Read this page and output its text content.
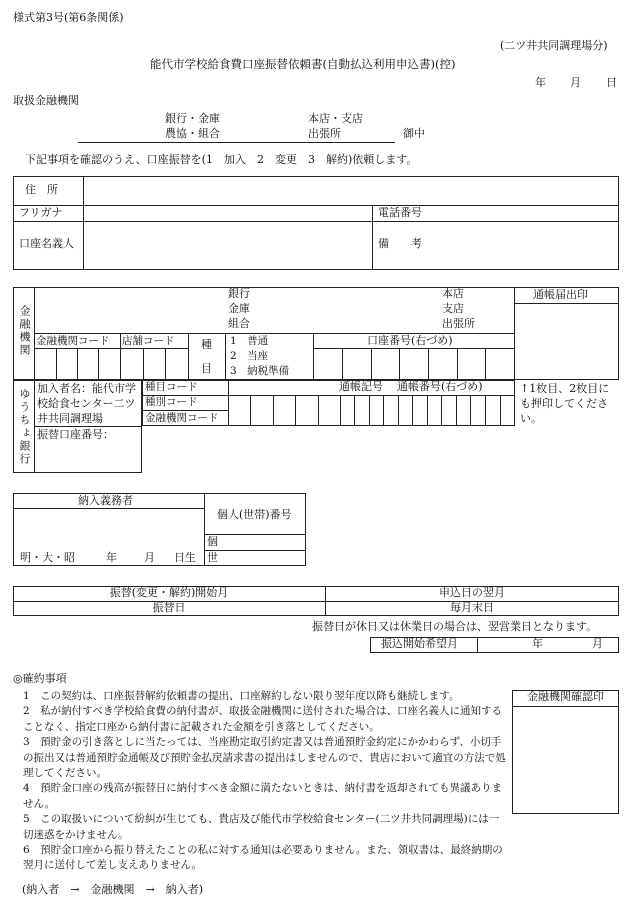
様式第3号(第6条関係)
(二ツ井共同調理場分)
能代市学校給食費口座振替依頼書(自動払込利用申込書)(控)
年 月 日
取扱金融機関
銀行・金庫
農協・組合
本店・支店
出張所	御中
下記事項を確認のうえ、口座振替を(1　加入　2　変更　3　解約)依頼します。
住　所
フリガナ	電話番号
口座名義人	備　　考
金融機関
銀行
金庫
組合
本店
支店
出張所
通帳届出印
金融機関コード 店舗コード 種
目
1　普通
2　当座
3　納税準備
口座番号(右づめ)
ゆうちょ銀行 加入者名：能代市学校給食センター二ツ井共同調理場
振替口座番号：
種目コード
種別コード
金融機関コード
通帳記号 通帳番号(右づめ)	↑1枚目、2枚目にも押印してください。
納入義務者
個人(世帯)番号
個
世
明・大・昭	年 月 日生
振替(変更・解約)開始月	申込日の翌月
振替日	毎月末日
振替日が休日又は休業日の場合は、翌営業日となります。
振込開始希望月	年	月
◎確約事項

1　この契約は、口座振替解約依頼書の提出、口座解約しない限り翌年度以降も継続します。

2　私が納付すべき学校給食費の納付書が、取扱金融機関に送付された場合は、口座名義人に通知することなく、指定口座から納付書に記載された金額を引き落としてください。

3　預貯金の引き落としに当たっては、当座勘定取引約定書又は普通預貯金約定にかかわらず、小切手の振出又は普通預貯金通帳及び預貯金払戻請求書の提出はしませんので、貴店において適宜の方法で処理してください。

4　預貯金口座の残高が振替日に納付すべき金額に満たないときは、納付書を返却されても異議ありません。

5　この取扱いについて紛糾が生じても、貴店及び能代市学校給食センター(二ツ井共同調理場)には一切迷惑をかけません。

6　預貯金口座から振り替えたことの私に対する通知は必要ありません。また、領収書は、最終納期の翌月に送付して差し支えありません。

金融機関確認印
(納入者　→　金融機関　→　納入者)
